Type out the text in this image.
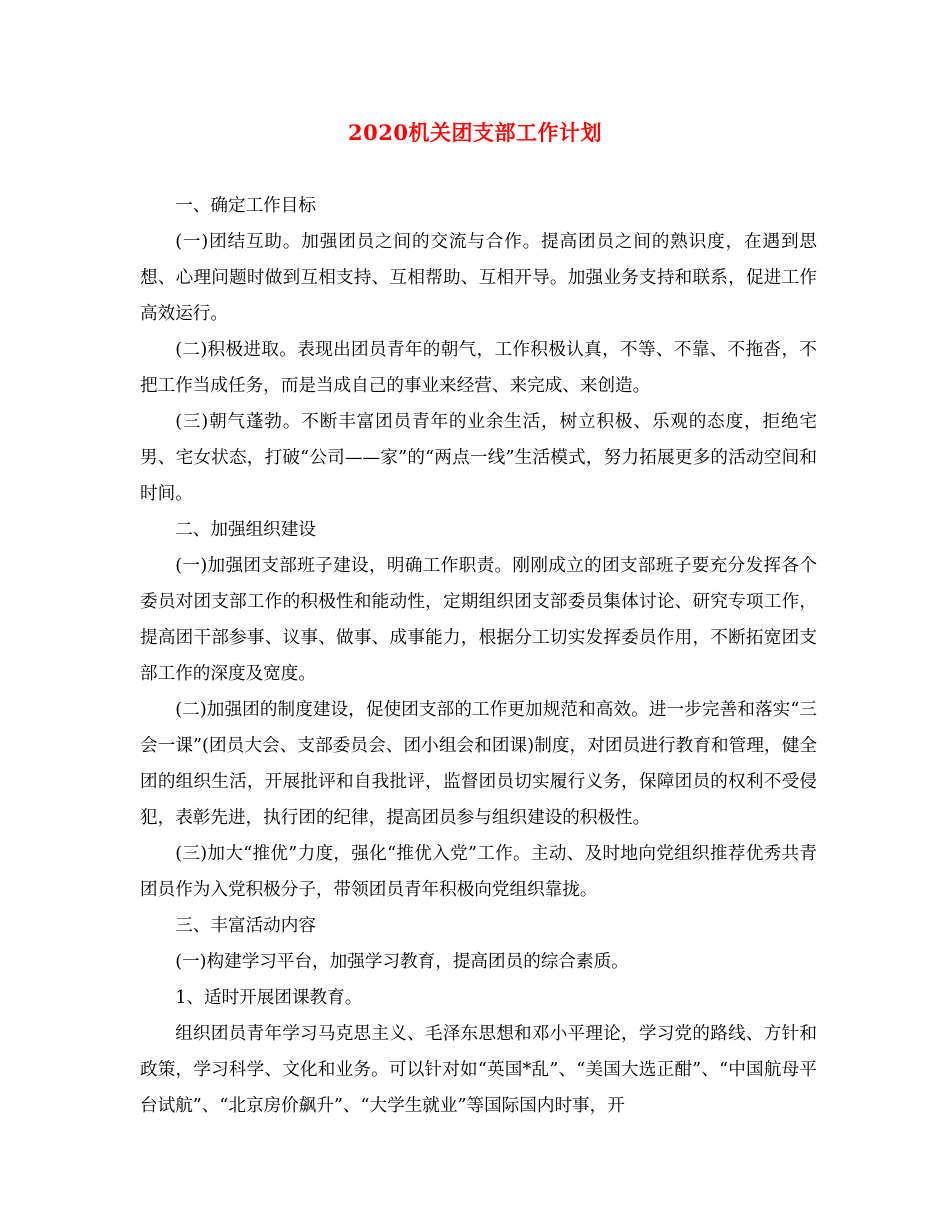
2020机关团支部工作计划

一、确定工作目标

(一)团结互助。加强团员之间的交流与合作。提高团员之间的熟识度，在遇到思想、心理问题时做到互相支持、互相帮助、互相开导。加强业务支持和联系，促进工作高效运行。

(二)积极进取。表现出团员青年的朝气，工作积极认真，不等、不靠、不拖沓，不把工作当成任务，而是当成自己的事业来经营、来完成、来创造。

(三)朝气蓬勃。不断丰富团员青年的业余生活，树立积极、乐观的态度，拒绝宅男、宅女状态，打破“公司——家”的“两点一线”生活模式，努力拓展更多的活动空间和时间。

二、加强组织建设

(一)加强团支部班子建设，明确工作职责。刚刚成立的团支部班子要充分发挥各个委员对团支部工作的积极性和能动性，定期组织团支部委员集体讨论、研究专项工作，提高团干部参事、议事、做事、成事能力，根据分工切实发挥委员作用，不断拓宽团支部工作的深度及宽度。

(二)加强团的制度建设，促使团支部的工作更加规范和高效。进一步完善和落实“三会一课”(团员大会、支部委员会、团小组会和团课)制度，对团员进行教育和管理，健全团的组织生活，开展批评和自我批评，监督团员切实履行义务，保障团员的权利不受侵犯，表彰先进，执行团的纪律，提高团员参与组织建设的积极性。

(三)加大“推优”力度，强化“推优入党”工作。主动、及时地向党组织推荐优秀共青团员作为入党积极分子，带领团员青年积极向党组织靠拢。

三、丰富活动内容

(一)构建学习平台，加强学习教育，提高团员的综合素质。

1、适时开展团课教育。

组织团员青年学习马克思主义、毛泽东思想和邓小平理论，学习党的路线、方针和政策，学习科学、文化和业务。可以针对如“英国*乱”、“美国大选正酣”、“中国航母平台试航”、“北京房价飙升”、“大学生就业”等国际国内时事，开
